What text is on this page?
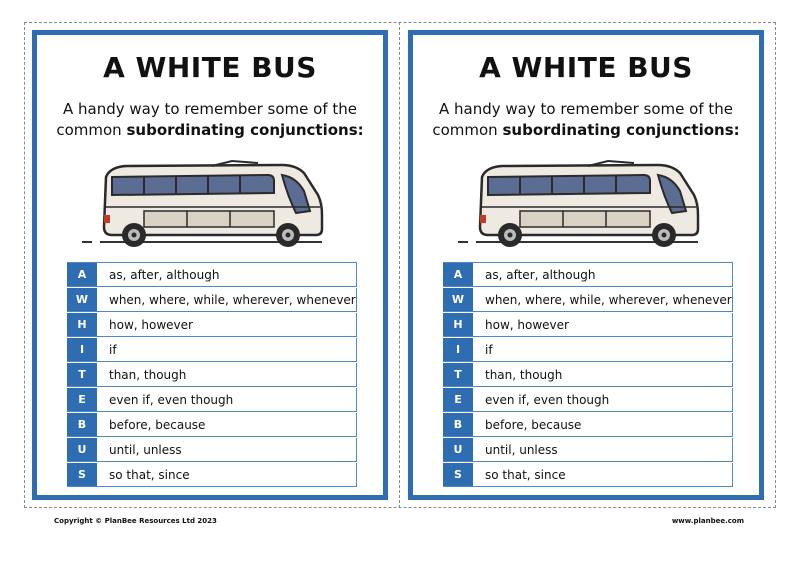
A WHITE BUS
A handy way to remember some of the
common subordinating conjunctions:
A	as, after, although
W	when, where, while, wherever, whenever
H	how, however
I	if
T	than, though
E	even if, even though
B	before, because
U	until, unless
S	so that, since
A WHITE BUS
A handy way to remember some of the
common subordinating conjunctions:
A	as, after, although
W	when, where, while, wherever, whenever
H	how, however
I	if
T	than, though
E	even if, even though
B	before, because
U	until, unless
S	so that, since
Copyright © PlanBee Resources Ltd 2023	www.planbee.com
